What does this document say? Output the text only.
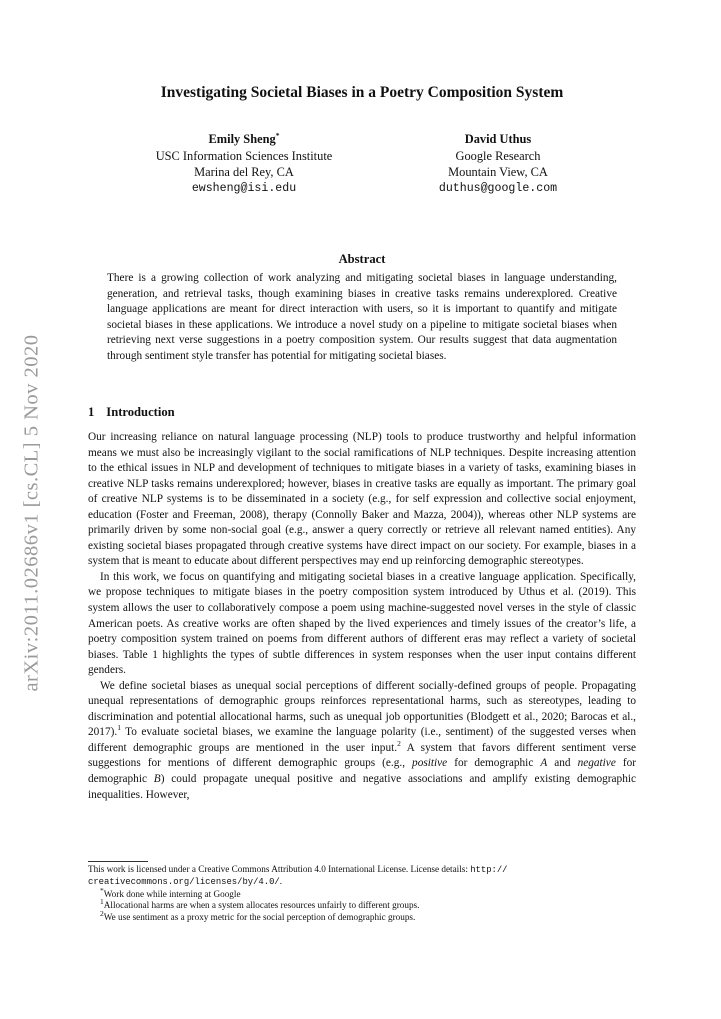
arXiv:2011.02686v1 [cs.CL] 5 Nov 2020
Investigating Societal Biases in a Poetry Composition System
Emily Sheng*
USC Information Sciences Institute
Marina del Rey, CA
ewsheng@isi.edu
David Uthus
Google Research
Mountain View, CA
duthus@google.com
Abstract

There is a growing collection of work analyzing and mitigating societal biases in language understanding, generation, and retrieval tasks, though examining biases in creative tasks remains underexplored. Creative language applications are meant for direct interaction with users, so it is important to quantify and mitigate societal biases in these applications. We introduce a novel study on a pipeline to mitigate societal biases when retrieving next verse suggestions in a poetry composition system. Our results suggest that data augmentation through sentiment style transfer has potential for mitigating societal biases.

1 Introduction

Our increasing reliance on natural language processing (NLP) tools to produce trustworthy and helpful information means we must also be increasingly vigilant to the social ramifications of NLP techniques. Despite increasing attention to the ethical issues in NLP and development of techniques to mitigate biases in a variety of tasks, examining biases in creative NLP tasks remains underexplored; however, biases in creative tasks are equally as important. The primary goal of creative NLP systems is to be disseminated in a society (e.g., for self expression and collective social enjoyment, education (Foster and Freeman, 2008), therapy (Connolly Baker and Mazza, 2004)), whereas other NLP systems are primarily driven by some non-social goal (e.g., answer a query correctly or retrieve all relevant named entities). Any existing societal biases propagated through creative systems have direct impact on our society. For example, biases in a system that is meant to educate about different perspectives may end up reinforcing demographic stereotypes.

In this work, we focus on quantifying and mitigating societal biases in a creative language application. Specifically, we propose techniques to mitigate biases in the poetry composition system introduced by Uthus et al. (2019). This system allows the user to collaboratively compose a poem using machine-suggested novel verses in the style of classic American poets. As creative works are often shaped by the lived experiences and timely issues of the creator’s life, a poetry composition system trained on poems from different authors of different eras may reflect a variety of societal biases. Table 1 highlights the types of subtle differences in system responses when the user input contains different genders.

We define societal biases as unequal social perceptions of different socially-defined groups of people. Propagating unequal representations of demographic groups reinforces representational harms, such as stereotypes, leading to discrimination and potential allocational harms, such as unequal job opportunities (Blodgett et al., 2020; Barocas et al., 2017).$^1$ To evaluate societal biases, we examine the language polarity (i.e., sentiment) of the suggested verses when different demographic groups are mentioned in the user input.$^2$ A system that favors different sentiment verse suggestions for mentions of different demographic groups (e.g., positive for demographic A and negative for demographic B) could propagate unequal positive and negative associations and amplify existing demographic inequalities. However,

This work is licensed under a Creative Commons Attribution 4.0 International License. License details: http:// creativecommons.org/licenses/by/4.0/.

*Work done while interning at Google

$^1$Allocational harms are when a system allocates resources unfairly to different groups.

$^2$We use sentiment as a proxy metric for the social perception of demographic groups.
